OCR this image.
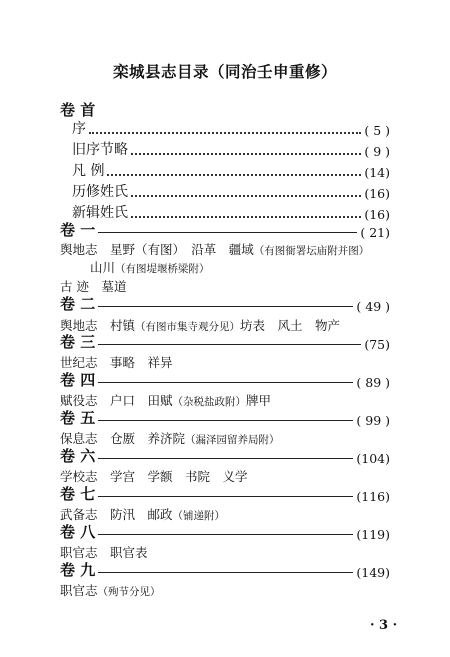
栾城县志目录（同治壬申重修）
卷 首
序	( 5 )
旧序节略	( 9 )
凡 例	(14)
历修姓氏	(16)
新辑姓氏	(16)
卷 一	( 21)
舆地志　星野（有图）　沿革　疆域（有图衙署坛庙附并图）
山川（有图堤堰桥梁附）
古 迹　墓道
卷 二	( 49 )
舆地志　村镇（有图市集寺观分见）坊表　风土　物产
卷 三	(75)
世纪志　事略　祥异
卷 四	( 89 )
赋役志　户口　田赋（杂税盐政附）牌甲
卷 五	( 99 )
保息志　仓厫　养济院（漏泽园留养局附）
卷 六	(104)
学校志　学宫　学额　书院　义学
卷 七	(116)
武备志　防汛　邮政（铺递附）
卷 八	(119)
职官志　职官表
卷 九	(149)
职官志（殉节分见）
· 3 ·
